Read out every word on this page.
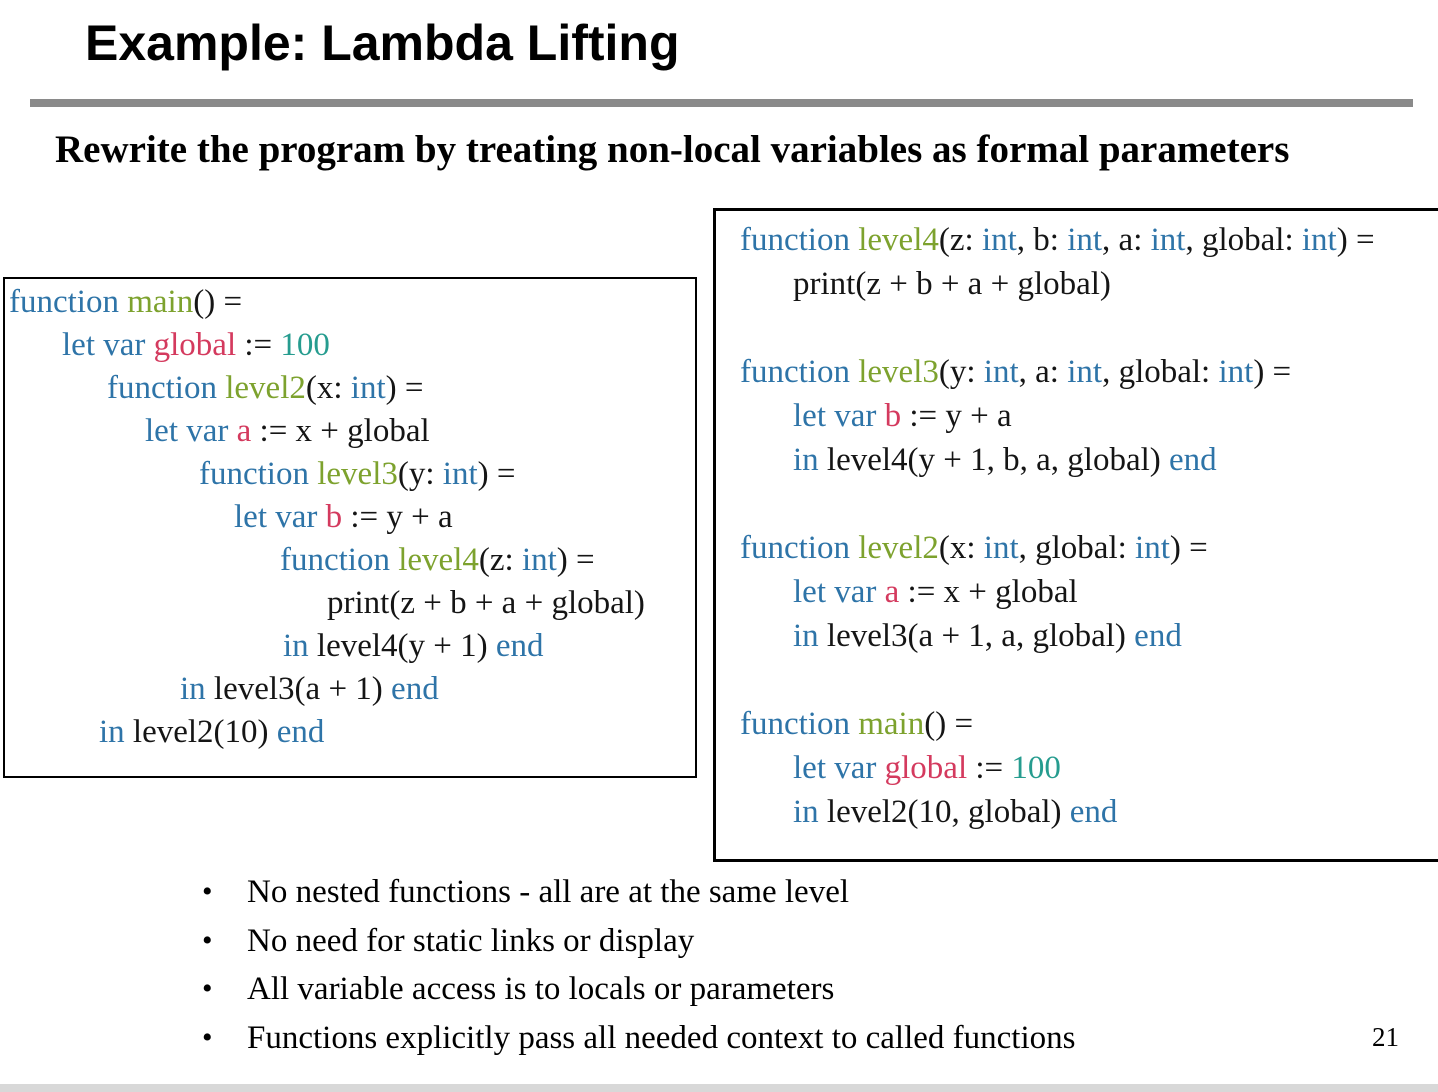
Example: Lambda Lifting
Rewrite the program by treating non-local variables as formal parameters
function main() =
let var global := 100
function level2(x: int) =
let var a := x + global
function level3(y: int) =
let var b := y + a
function level4(z: int) =
print(z + b + a + global)
in level4(y + 1) end
in level3(a + 1) end
in level2(10) end
function level4(z: int, b: int, a: int, global: int) =
print(z + b + a + global)

function level3(y: int, a: int, global: int) =
let var b := y + a
in level4(y + 1, b, a, global) end

function level2(x: int, global: int) =
let var a := x + global
in level3(a + 1, a, global) end

function main() =
let var global := 100
in level2(10, global) end
• No nested functions - all are at the same level
• No need for static links or display
• All variable access is to locals or parameters
• Functions explicitly pass all needed context to called functions	21
